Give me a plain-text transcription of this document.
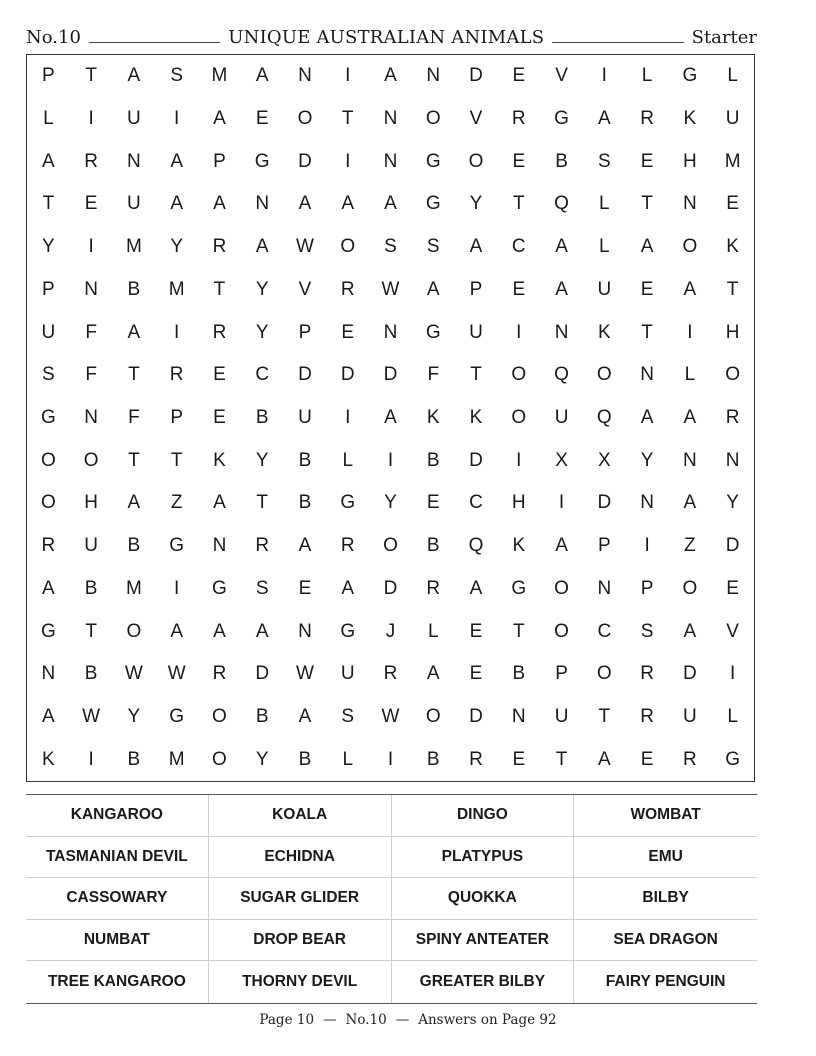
No.10	UNIQUE AUSTRALIAN ANIMALS	Starter
P	T	A	S	M	A	N	I	A	N	D	E	V	I	L	G	L
L	I	U	I	A	E	O	T	N	O	V	R	G	A	R	K	U
A	R	N	A	P	G	D	I	N	G	O	E	B	S	E	H	M
T	E	U	A	A	N	A	A	A	G	Y	T	Q	L	T	N	E
Y	I	M	Y	R	A	W	O	S	S	A	C	A	L	A	O	K
P	N	B	M	T	Y	V	R	W	A	P	E	A	U	E	A	T
U	F	A	I	R	Y	P	E	N	G	U	I	N	K	T	I	H
S	F	T	R	E	C	D	D	D	F	T	O	Q	O	N	L	O
G	N	F	P	E	B	U	I	A	K	K	O	U	Q	A	A	R
O	O	T	T	K	Y	B	L	I	B	D	I	X	X	Y	N	N
O	H	A	Z	A	T	B	G	Y	E	C	H	I	D	N	A	Y
R	U	B	G	N	R	A	R	O	B	Q	K	A	P	I	Z	D
A	B	M	I	G	S	E	A	D	R	A	G	O	N	P	O	E
G	T	O	A	A	A	N	G	J	L	E	T	O	C	S	A	V
N	B	W	W	R	D	W	U	R	A	E	B	P	O	R	D	I
A	W	Y	G	O	B	A	S	W	O	D	N	U	T	R	U	L
K	I	B	M	O	Y	B	L	I	B	R	E	T	A	E	R	G
KANGAROO	KOALA	DINGO	WOMBAT
TASMANIAN DEVIL	ECHIDNA	PLATYPUS	EMU
CASSOWARY	SUGAR GLIDER	QUOKKA	BILBY
NUMBAT	DROP BEAR	SPINY ANTEATER	SEA DRAGON
TREE KANGAROO	THORNY DEVIL	GREATER BILBY	FAIRY PENGUIN
Page 10 — No.10 — Answers on Page 92
